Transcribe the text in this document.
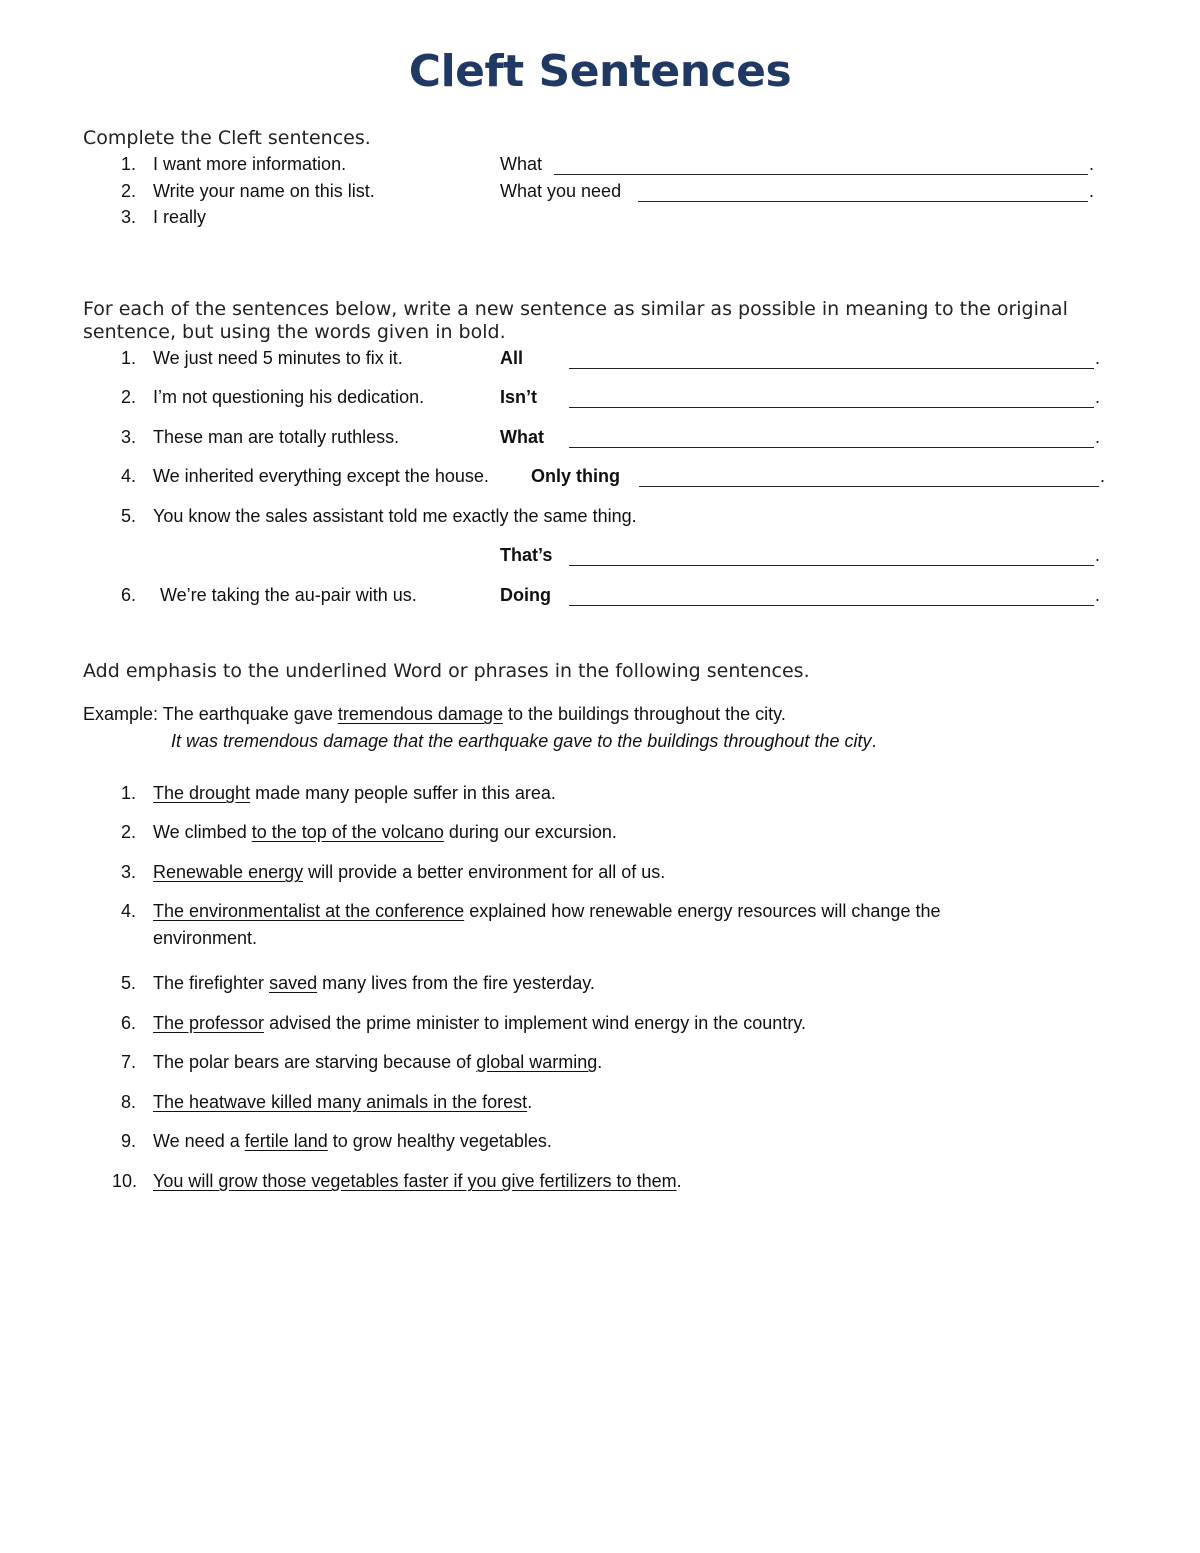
Cleft Sentences
Complete the Cleft sentences.
1. I want more information.	What	.
2. Write your name on this list.	What you need	.
3. I really
For each of the sentences below, write a new sentence as similar as possible in meaning to the original
sentence, but using the words given in bold.
1. We just need 5 minutes to fix it.	All	.
2. I’m not questioning his dedication.	Isn’t	.
3. These man are totally ruthless.	What	.
4. We inherited everything except the house. Only thing	.
5. You know the sales assistant told me exactly the same thing.
That’s	.
6. We’re taking the au-pair with us.	Doing	.
Add emphasis to the underlined Word or phrases in the following sentences.
Example: The earthquake gave tremendous damage to the buildings throughout the city.
It was tremendous damage that the earthquake gave to the buildings throughout the city.
1. The drought made many people suffer in this area.
2. We climbed to the top of the volcano during our excursion.
3. Renewable energy will provide a better environment for all of us.
4. The environmentalist at the conference explained how renewable energy resources will change the
environment.
5. The firefighter saved many lives from the fire yesterday.
6. The professor advised the prime minister to implement wind energy in the country.
7. The polar bears are starving because of global warming.
8. The heatwave killed many animals in the forest.
9. We need a fertile land to grow healthy vegetables.
10. You will grow those vegetables faster if you give fertilizers to them.
